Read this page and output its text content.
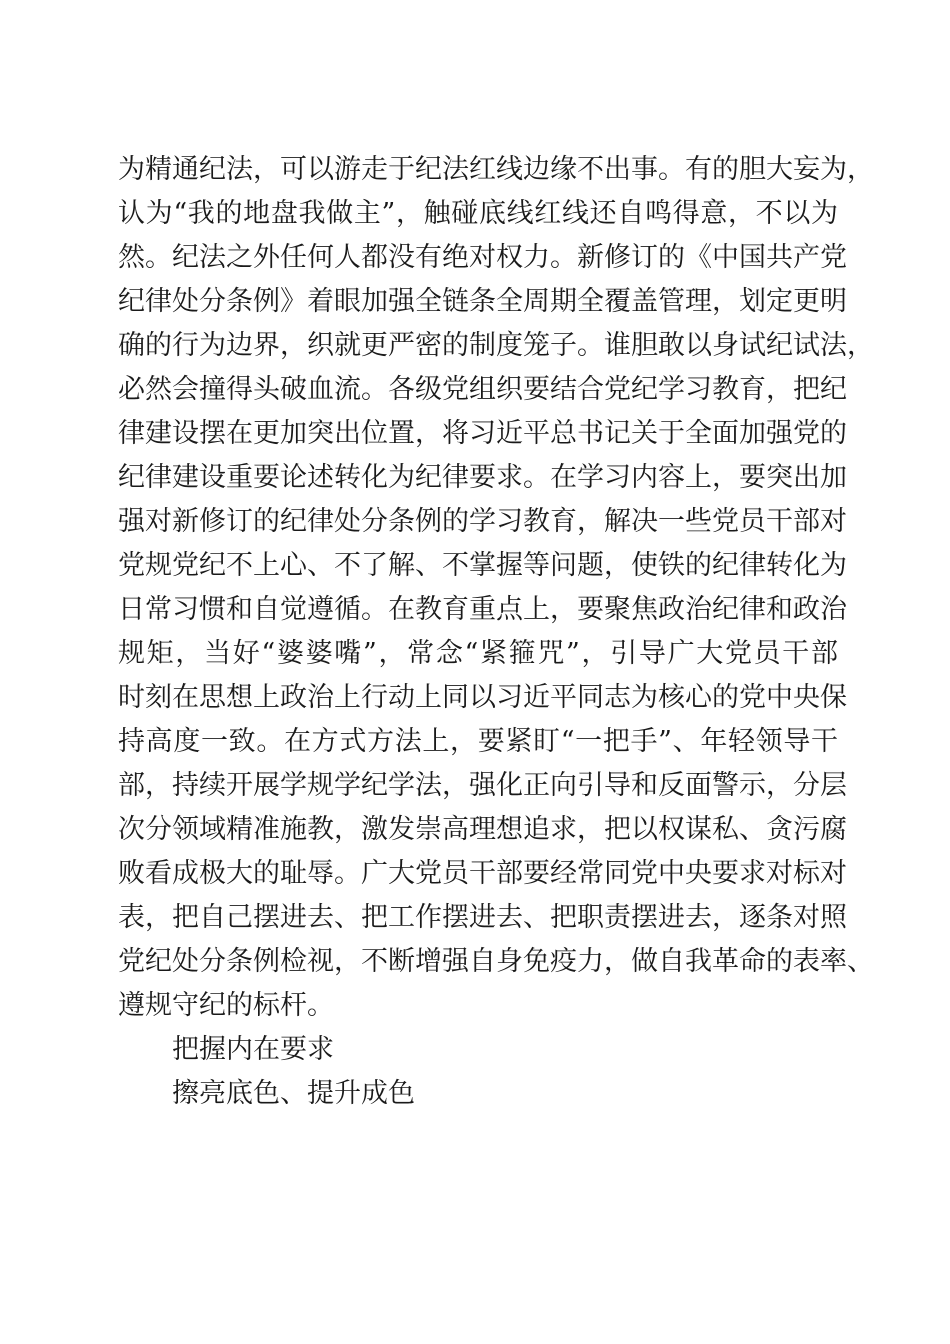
为精通纪法，可以游走于纪法红线边缘不出事。有的胆大妄为，
认为“我的地盘我做主”，触碰底线红线还自鸣得意，不以为
然。纪法之外任何人都没有绝对权力。新修订的《中国共产党
纪律处分条例》着眼加强全链条全周期全覆盖管理，划定更明
确的行为边界，织就更严密的制度笼子。谁胆敢以身试纪试法，
必然会撞得头破血流。各级党组织要结合党纪学习教育，把纪
律建设摆在更加突出位置，将习近平总书记关于全面加强党的
纪律建设重要论述转化为纪律要求。在学习内容上，要突出加
强对新修订的纪律处分条例的学习教育，解决一些党员干部对
党规党纪不上心、不了解、不掌握等问题，使铁的纪律转化为
日常习惯和自觉遵循。在教育重点上，要聚焦政治纪律和政治
规矩，当好“婆婆嘴”，常念“紧箍咒”，引导广大党员干部
时刻在思想上政治上行动上同以习近平同志为核心的党中央保
持高度一致。在方式方法上，要紧盯“一把手”、年轻领导干
部，持续开展学规学纪学法，强化正向引导和反面警示，分层
次分领域精准施教，激发崇高理想追求，把以权谋私、贪污腐
败看成极大的耻辱。广大党员干部要经常同党中央要求对标对
表，把自己摆进去、把工作摆进去、把职责摆进去，逐条对照
党纪处分条例检视，不断增强自身免疫力，做自我革命的表率、
遵规守纪的标杆。
把握内在要求
擦亮底色、提升成色
